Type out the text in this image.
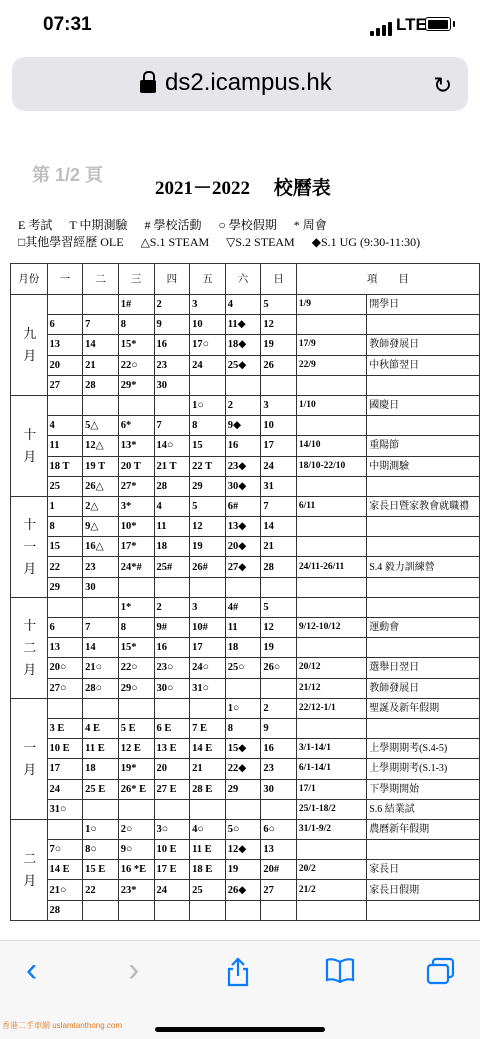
07:31	LTE
ds2.icampus.hk	↻
第 1/2 頁
2021－2022　 校曆表
E 考試 T 中期測驗 # 學校活動 ○ 學校假期 * 周會
□其他學習經歷 OLE △S.1 STEAM ▽S.2 STEAM ◆S.1 UG (9:30-11:30)
月份	一	二	三	四	五	六	日	項　　目	
九
月			1#	2	3	4	5	1/9	開學日
	6	7	8	9	10	11◆	12		
	13	14	15*	16	17○	18◆	19	17/9	教師發展日
	20	21	22○	23	24	25◆	26	22/9	中秋節翌日
	27	28	29*	30					
十
月					1○	2	3	1/10	國慶日
	4	5△	6*	7	8	9◆	10		
	11	12△	13*	14○	15	16	17	14/10	重陽節
	18 T	19 T	20 T	21 T	22 T	23◆	24	18/10-22/10	中期測驗
	25	26△	27*	28	29	30◆	31		
十
一
月	1	2△	3*	4	5	6#	7	6/11	家長日暨家教會就職禮
	8	9△	10*	11	12	13◆	14		
	15	16△	17*	18	19	20◆	21		
	22	23	24*#	25#	26#	27◆	28	24/11-26/11	S.4 毅力訓練營
	29	30							
十
二
月			1*	2	3	4#	5		
	6	7	8	9#	10#	11	12	9/12-10/12	運動會
	13	14	15*	16	17	18	19		
	20○	21○	22○	23○	24○	25○	26○	20/12	選舉日翌日
	27○	28○	29○	30○	31○			21/12	教師發展日
一
月						1○	2	22/12-1/1	聖誕及新年假期
	3 E	4 E	5 E	6 E	7 E	8	9		
	10 E	11 E	12 E	13 E	14 E	15◆	16	3/1-14/1	上學期期考(S.4-5)
	17	18	19*	20	21	22◆	23	6/1-14/1	上學期期考(S.1-3)
	24	25 E	26* E	27 E	28 E	29	30	17/1	下學期開始
	31○							25/1-18/2	S.6 結業試
二
月		1○	2○	3○	4○	5○	6○	31/1-9/2	農曆新年假期
	7○	8○	9○	10 E	11 E	12◆	13		
	14 E	15 E	16 *E	17 E	18 E	19	20#	20/2	家長日
	21○	22	23*	24	25	26◆	27	21/2	家長日假期
	28								
‹	›
香港二手車網 uslamtanthong.com
